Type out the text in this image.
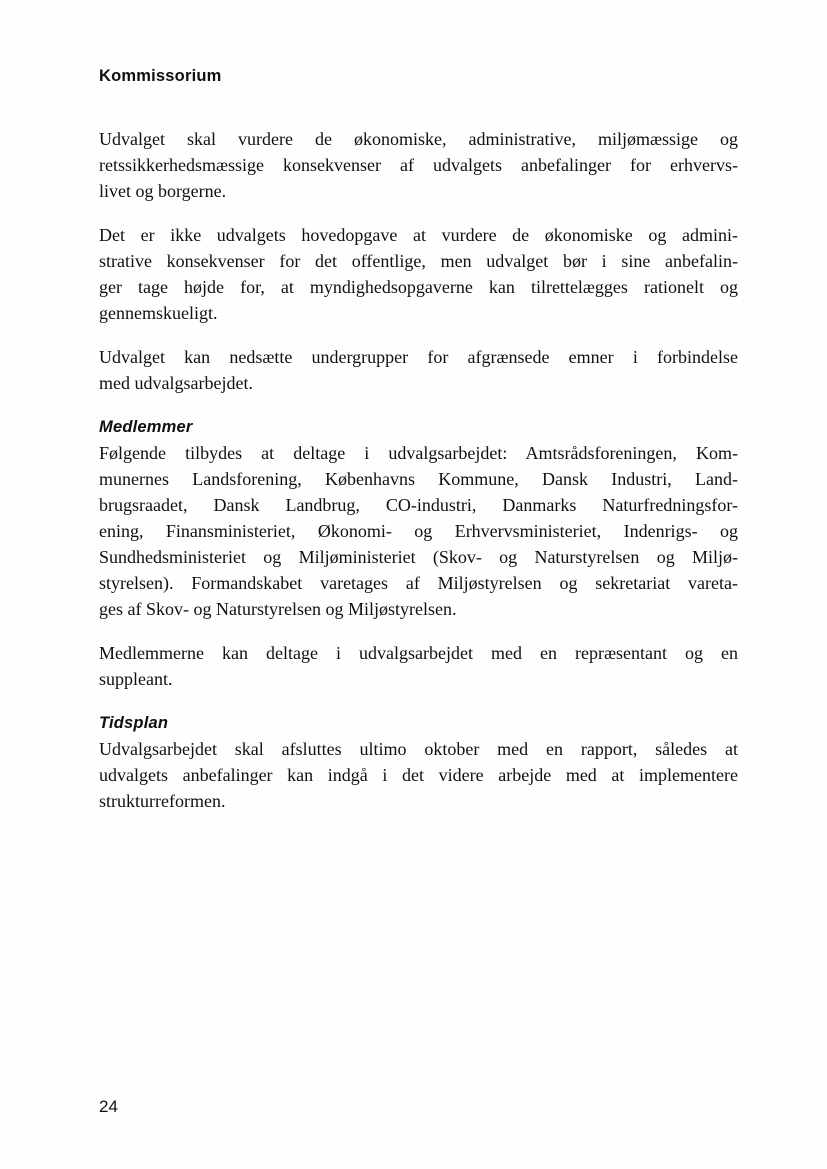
Kommissorium
Udvalget skal vurdere de økonomiske, administrative, miljømæssige og
retssikkerhedsmæssige konsekvenser af udvalgets anbefalinger for erhvervs-
livet og borgerne.
Det er ikke udvalgets hovedopgave at vurdere de økonomiske og admini-
strative konsekvenser for det offentlige, men udvalget bør i sine anbefalin-
ger tage højde for, at myndighedsopgaverne kan tilrettelægges rationelt og
gennemskueligt.
Udvalget kan nedsætte undergrupper for afgrænsede emner i forbindelse
med udvalgsarbejdet.
Medlemmer
Følgende tilbydes at deltage i udvalgsarbejdet: Amtsrådsforeningen, Kom-
munernes Landsforening, Københavns Kommune, Dansk Industri, Land-
brugsraadet, Dansk Landbrug, CO-industri, Danmarks Naturfredningsfor-
ening, Finansministeriet, Økonomi- og Erhvervsministeriet, Indenrigs- og
Sundhedsministeriet og Miljøministeriet (Skov- og Naturstyrelsen og Miljø-
styrelsen). Formandskabet varetages af Miljøstyrelsen og sekretariat vareta-
ges af Skov- og Naturstyrelsen og Miljøstyrelsen.
Medlemmerne kan deltage i udvalgsarbejdet med en repræsentant og en
suppleant.
Tidsplan
Udvalgsarbejdet skal afsluttes ultimo oktober med en rapport, således at
udvalgets anbefalinger kan indgå i det videre arbejde med at implementere
strukturreformen.
24
